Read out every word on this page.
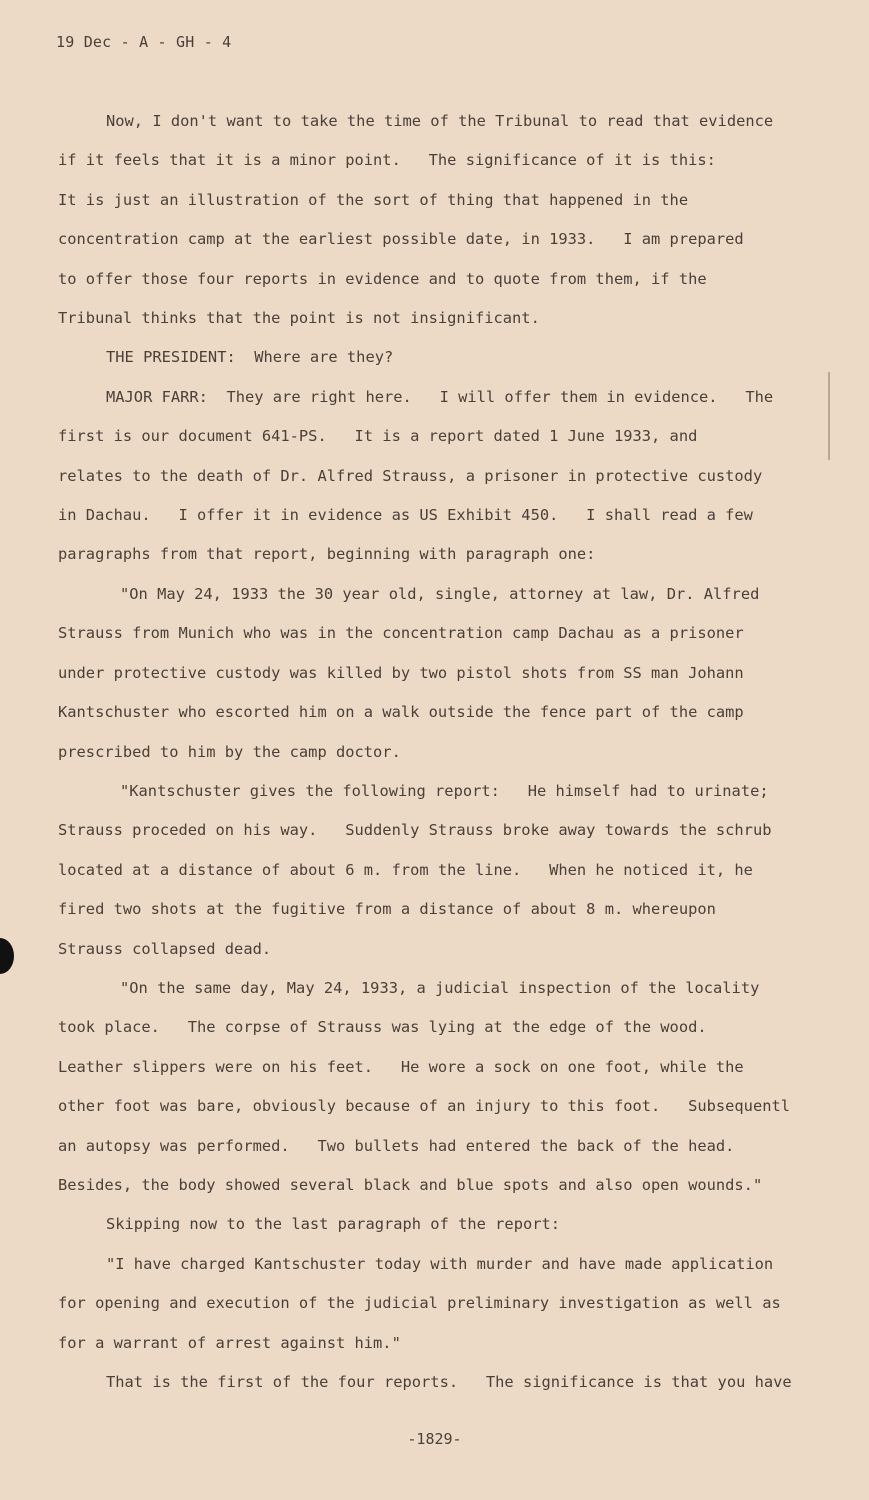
19 Dec - A - GH - 4
Now, I don't want to take the time of the Tribunal to read that evidence
if it feels that it is a minor point.   The significance of it is this:
It is just an illustration of the sort of thing that happened in the
concentration camp at the earliest possible date, in 1933.   I am prepared
to offer those four reports in evidence and to quote from them, if the
Tribunal thinks that the point is not insignificant.
THE PRESIDENT:  Where are they?
MAJOR FARR:  They are right here.   I will offer them in evidence.   The
first is our document 641-PS.   It is a report dated 1 June 1933, and
relates to the death of Dr. Alfred Strauss, a prisoner in protective custody
in Dachau.   I offer it in evidence as US Exhibit 450.   I shall read a few
paragraphs from that report, beginning with paragraph one:
"On May 24, 1933 the 30 year old, single, attorney at law, Dr. Alfred
Strauss from Munich who was in the concentration camp Dachau as a prisoner
under protective custody was killed by two pistol shots from SS man Johann
Kantschuster who escorted him on a walk outside the fence part of the camp
prescribed to him by the camp doctor.
"Kantschuster gives the following report:   He himself had to urinate;
Strauss proceded on his way.   Suddenly Strauss broke away towards the schrub
located at a distance of about 6 m. from the line.   When he noticed it, he
fired two shots at the fugitive from a distance of about 8 m. whereupon
Strauss collapsed dead.
"On the same day, May 24, 1933, a judicial inspection of the locality
took place.   The corpse of Strauss was lying at the edge of the wood.
Leather slippers were on his feet.   He wore a sock on one foot, while the
other foot was bare, obviously because of an injury to this foot.   Subsequentl
an autopsy was performed.   Two bullets had entered the back of the head.
Besides, the body showed several black and blue spots and also open wounds."
Skipping now to the last paragraph of the report:
"I have charged Kantschuster today with murder and have made application
for opening and execution of the judicial preliminary investigation as well as
for a warrant of arrest against him."
That is the first of the four reports.   The significance is that you have
-1829-
